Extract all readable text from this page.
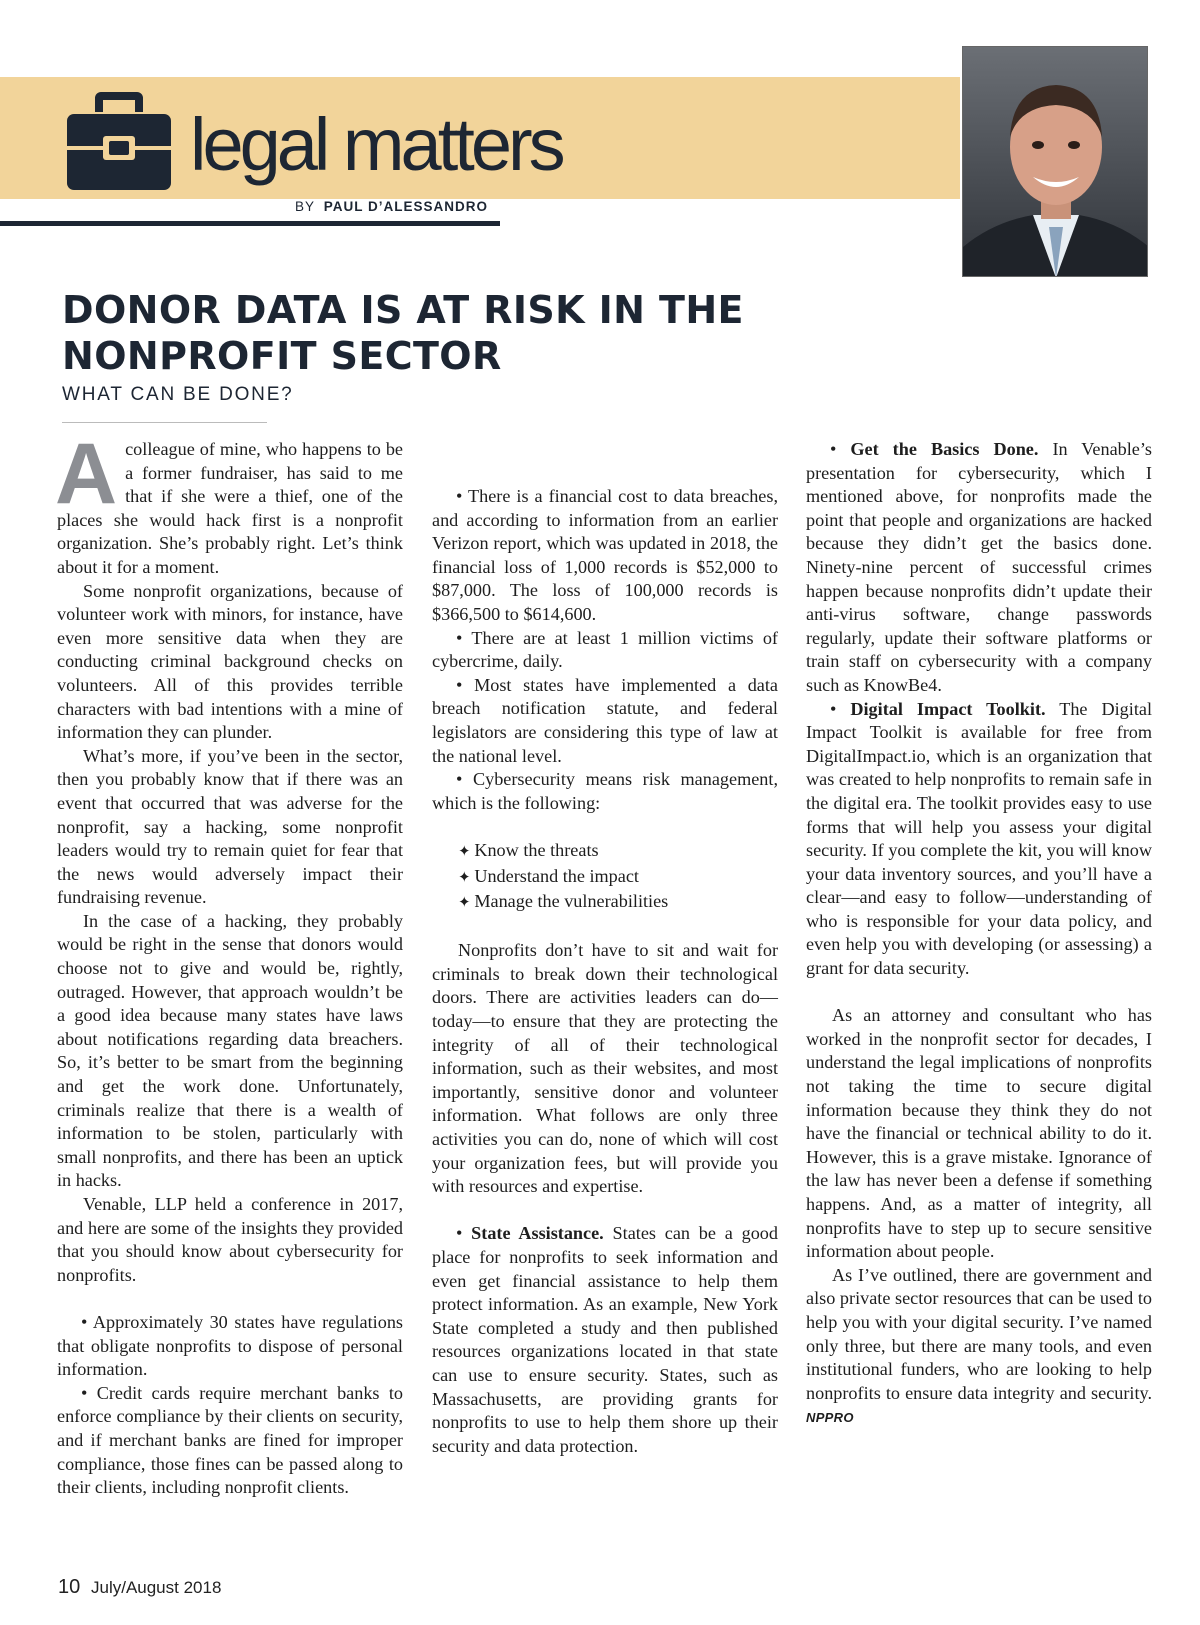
legal matters
BY PAUL D’ALESSANDRO
DONOR DATA IS AT RISK IN THE NONPROFIT SECTOR
WHAT CAN BE DONE?

Acolleague of mine, who happens to be a former fundraiser, has said to me that if she were a thief, one of the places she would hack first is a nonprofit organization. She’s probably right. Let’s think about it for a moment.

Some nonprofit organizations, because of volunteer work with minors, for instance, have even more sensitive data when they are conducting criminal background checks on volunteers. All of this provides terrible characters with bad intentions with a mine of information they can plunder.

What’s more, if you’ve been in the sector, then you probably know that if there was an event that occurred that was adverse for the nonprofit, say a hacking, some nonprofit leaders would try to remain quiet for fear that the news would adversely impact their fundraising revenue.

In the case of a hacking, they probably would be right in the sense that donors would choose not to give and would be, rightly, outraged. However, that approach wouldn’t be a good idea because many states have laws about notifications regarding data breachers. So, it’s better to be smart from the beginning and get the work done. Unfortunately, criminals realize that there is a wealth of information to be stolen, particularly with small nonprofits, and there has been an uptick in hacks.

Venable, LLP held a conference in 2017, and here are some of the insights they provided that you should know about cybersecurity for nonprofits.

• Approximately 30 states have regulations that obligate nonprofits to dispose of personal information.

• Credit cards require merchant banks to enforce compliance by their clients on security, and if merchant banks are fined for improper compliance, those fines can be passed along to their clients, including nonprofit clients.

• There is a financial cost to data breaches, and according to information from an earlier Verizon report, which was updated in 2018, the financial loss of 1,000 records is $52,000 to $87,000. The loss of 100,000 records is $366,500 to $614,600.

• There are at least 1 million victims of cybercrime, daily.

• Most states have implemented a data breach notification statute, and federal legislators are considering this type of law at the national level.

• Cybersecurity means risk management, which is the following:

✦ Know the threats

✦ Understand the impact

✦ Manage the vulnerabilities

Nonprofits don’t have to sit and wait for criminals to break down their technological doors. There are activities leaders can do—today—to ensure that they are protecting the integrity of all of their technological information, such as their websites, and most importantly, sensitive donor and volunteer information. What follows are only three activities you can do, none of which will cost your organization fees, but will provide you with resources and expertise.

• State Assistance. States can be a good place for nonprofits to seek information and even get financial assistance to help them protect information. As an example, New York State completed a study and then published resources organizations located in that state can use to ensure security. States, such as Massachusetts, are providing grants for nonprofits to use to help them shore up their security and data protection.

• Get the Basics Done. In Venable’s presentation for cybersecurity, which I mentioned above, for nonprofits made the point that people and organizations are hacked because they didn’t get the basics done. Ninety-nine percent of successful crimes happen because nonprofits didn’t update their anti-virus software, change passwords regularly, update their software platforms or train staff on cybersecurity with a company such as KnowBe4.

• Digital Impact Toolkit. The Digital Impact Toolkit is available for free from DigitalImpact.io, which is an organization that was created to help nonprofits to remain safe in the digital era. The toolkit provides easy to use forms that will help you assess your digital security. If you complete the kit, you will know your data inventory sources, and you’ll have a clear—and easy to follow—understanding of who is responsible for your data policy, and even help you with developing (or assessing) a grant for data security.

As an attorney and consultant who has worked in the nonprofit sector for decades, I understand the legal implications of nonprofits not taking the time to secure digital information because they think they do not have the financial or technical ability to do it. However, this is a grave mistake. Ignorance of the law has never been a defense if something happens. And, as a matter of integrity, all nonprofits have to step up to secure sensitive information about people.

As I’ve outlined, there are government and also private sector resources that can be used to help you with your digital security. I’ve named only three, but there are many tools, and even institutional funders, who are looking to help nonprofits to ensure data integrity and security. NPPRO

10 July/August 2018
